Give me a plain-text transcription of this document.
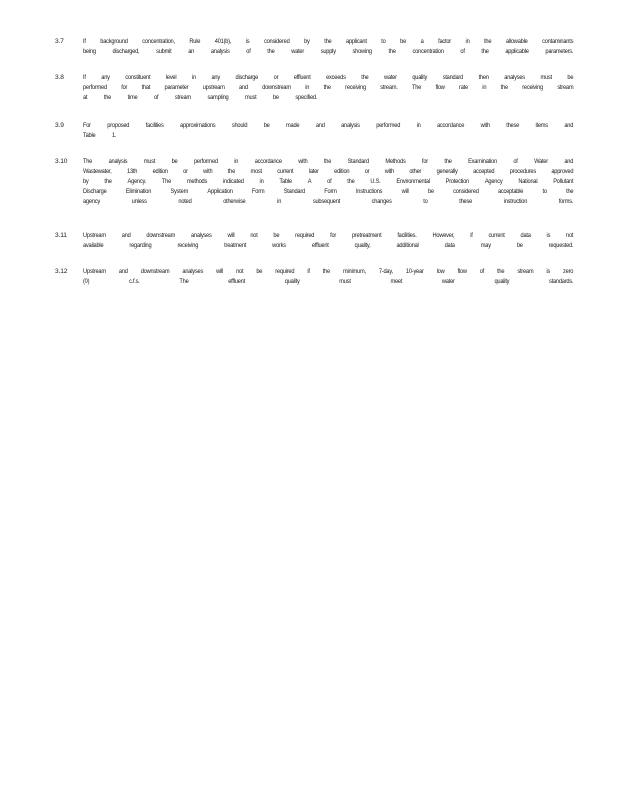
3.7	If background concentration, Rule 401(b), is considered by the applicant to be a factor in the allowable contaminants
being	discharged,	submit	an	analysis	of	the	water	supply	showing	the	concentration	of	the	applicable	parameters.
3.8	If	any	constituent	level	in	any	discharge	or	effluent	exceeds	the	water	quality	standard	then	analyses	must	be
performed for that parameter upstream and downstream in the receiving stream. The flow rate in the receiving stream
at	the	time	of	stream	sampling	must	be	specified.
3.9	For	proposed	facilities	approximations	should	be	made	and	analysis	performed	in	accordance	with	these	items	and
Table	1.
3.10	The	analysis	must	be	performed	in	accordance	with	the	Standard	Methods	for	the	Examination	of	Water	and
Wastewater, 13th edition or with the most current later edition or with other generally accepted procedures approved
by	the	Agency.	The	methods	indicated	in	Table	A	of	the	U.S.	Environmental	Protection	Agency	National	Pollutant
Discharge	Elimination	System	Application	Form	Standard	Form	Instructions	will	be	considered	acceptable	to	the
agency	unless	noted	otherwise	in	subsequent	changes	to	these	instruction	forms.
3.11	Upstream	and	downstream	analyses	will	not	be	required	for	pretreatment	facilities.	However,	if	current	data	is	not
available	regarding	receiving	treatment	works	effluent	quality,	additional	data	may	be	requested.
3.12	Upstream and downstream analyses will not be required if the minimum, 7-day, 10-year low flow of the stream is zero
(0)	c.f.s.	The	effluent	quality	must	meet	water	quality	standards.
